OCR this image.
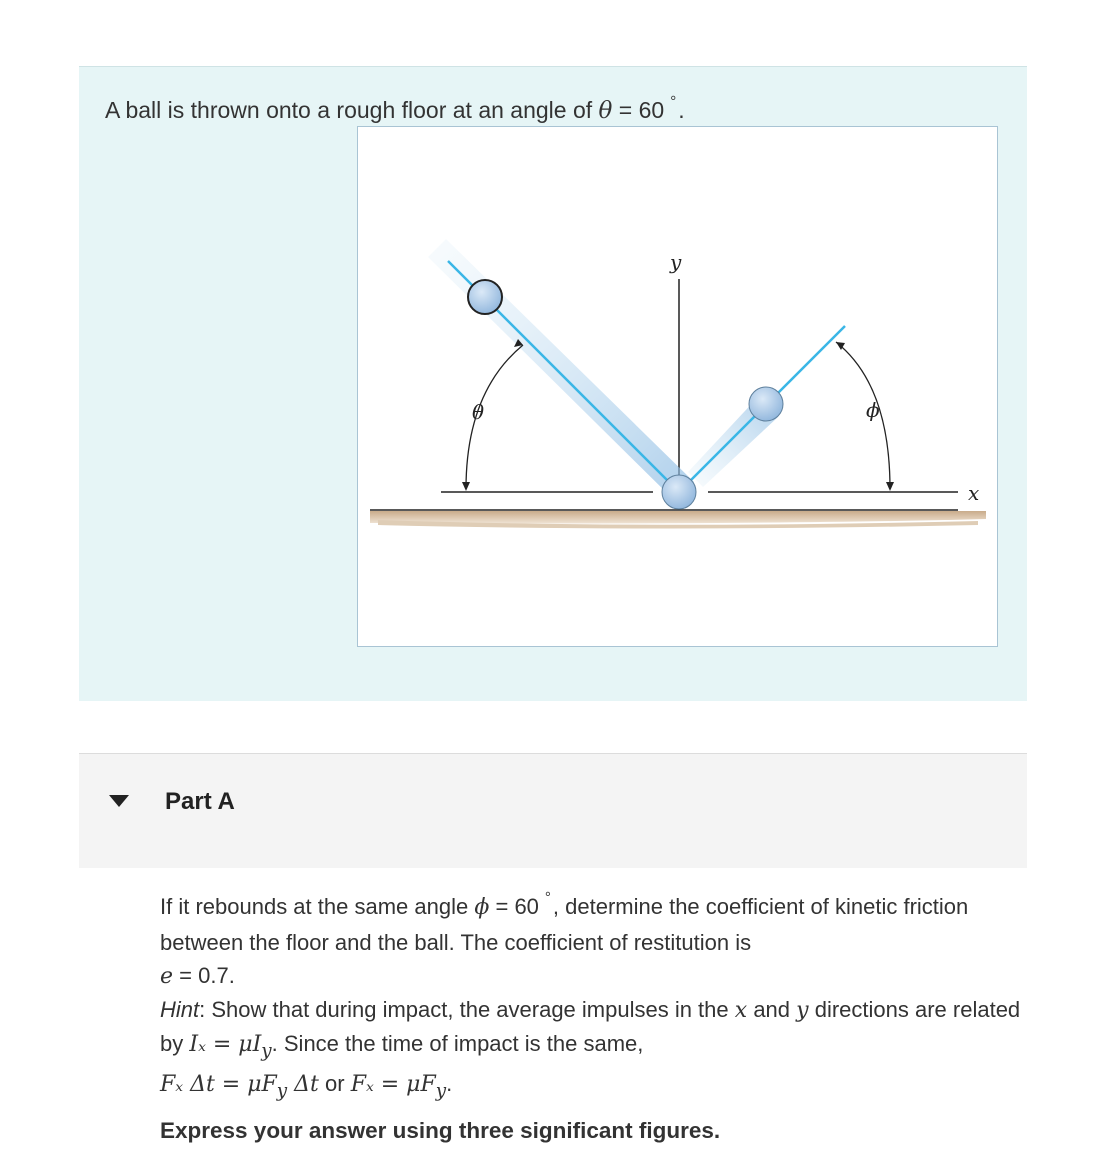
A ball is thrown onto a rough floor at an angle of θ = 60 °.
x
y
θ	ϕ
Part A

If it rebounds at the same angle ϕ = 60 °, determine the coefficient of kinetic friction between the floor and the ball. The coefficient of restitution is

e = 0.7.

Hint: Show that during impact, the average impulses in the x and y directions are related by $I_x = \mu I_y$. Since the time of impact is the same,

Fₓ $\Delta t = \mu F_y$ Δt or $F_x = \mu F_y$.

Express your answer using three significant figures.
